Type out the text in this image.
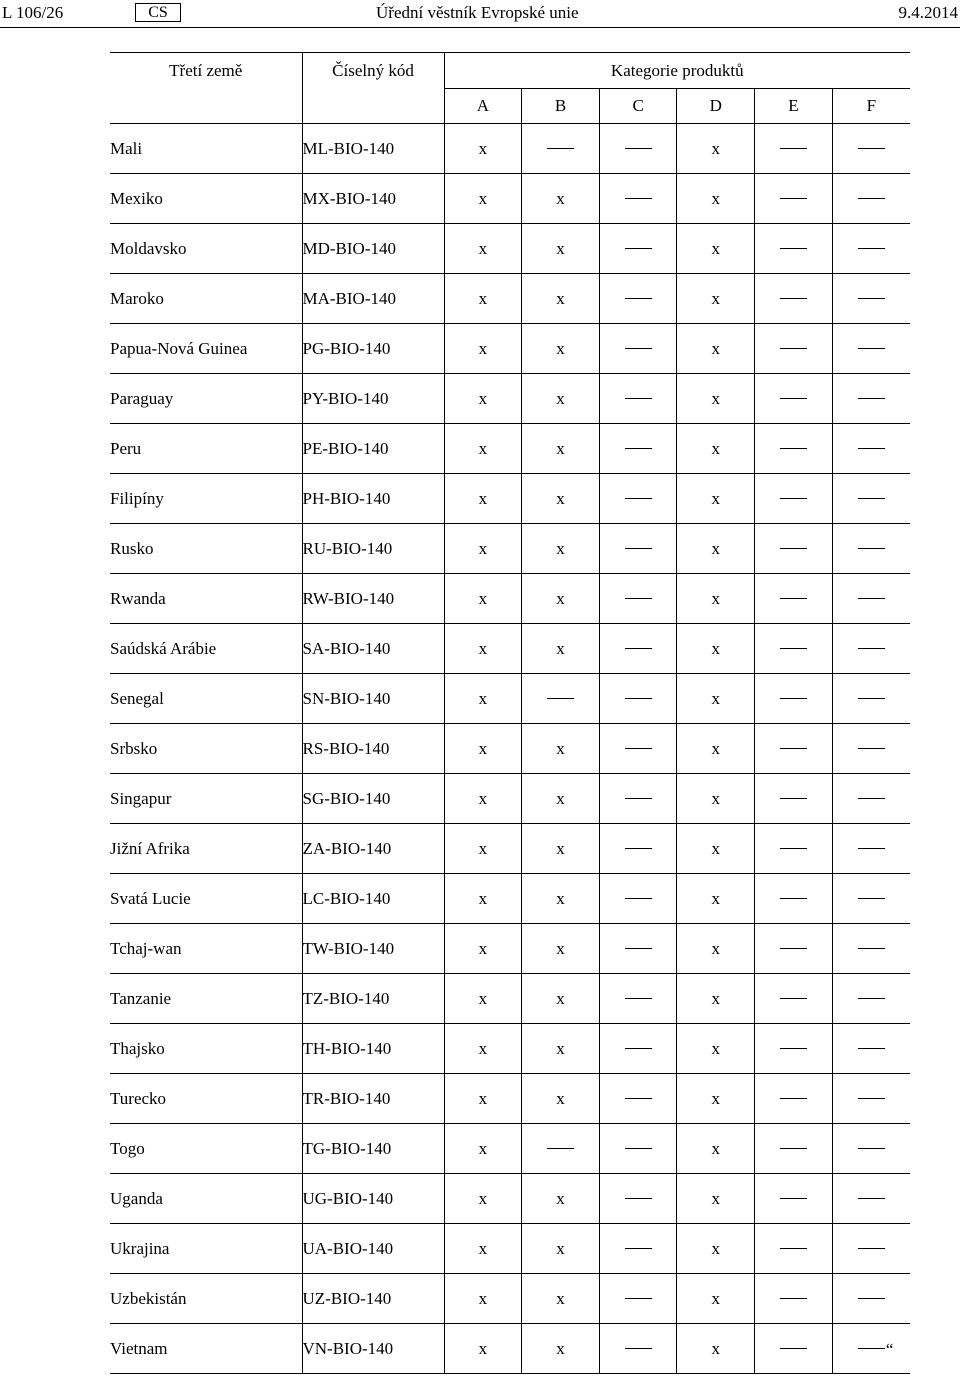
L 106/26	CS	Úřední věstník Evropské unie	9.4.2014
Třetí země	Číselný kód	Kategorie produktů					
		A	B	C	D	E	F
Mali	ML-BIO-140	x			x		
Mexiko	MX-BIO-140	x	x		x		
Moldavsko	MD-BIO-140	x	x		x		
Maroko	MA-BIO-140	x	x		x		
Papua-Nová Guinea	PG-BIO-140	x	x		x		
Paraguay	PY-BIO-140	x	x		x		
Peru	PE-BIO-140	x	x		x		
Filipíny	PH-BIO-140	x	x		x		
Rusko	RU-BIO-140	x	x		x		
Rwanda	RW-BIO-140	x	x		x		
Saúdská Arábie	SA-BIO-140	x	x		x		
Senegal	SN-BIO-140	x			x		
Srbsko	RS-BIO-140	x	x		x		
Singapur	SG-BIO-140	x	x		x		
Jižní Afrika	ZA-BIO-140	x	x		x		
Svatá Lucie	LC-BIO-140	x	x		x		
Tchaj-wan	TW-BIO-140	x	x		x		
Tanzanie	TZ-BIO-140	x	x		x		
Thajsko	TH-BIO-140	x	x		x		
Turecko	TR-BIO-140	x	x		x		
Togo	TG-BIO-140	x			x		
Uganda	UG-BIO-140	x	x		x		
Ukrajina	UA-BIO-140	x	x		x		
Uzbekistán	UZ-BIO-140	x	x		x		
Vietnam	VN-BIO-140	x	x		x		“
